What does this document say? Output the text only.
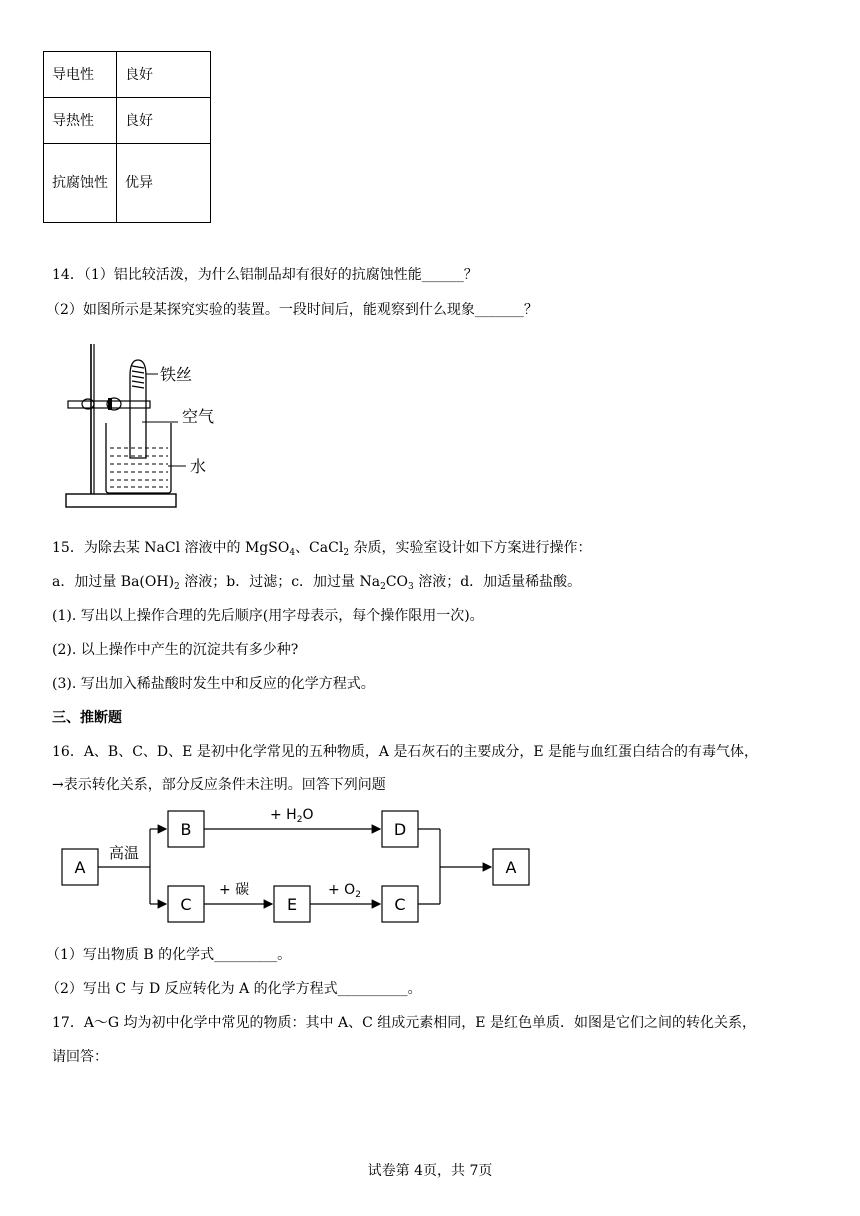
导电性	良好
导热性	良好
抗腐蚀性	优异
14．（1）铝比较活泼，为什么铝制品却有很好的抗腐蚀性能______？
（2）如图所示是某探究实验的装置。一段时间后，能观察到什么现象_______？
铁丝
空气
水
15．为除去某 NaCl 溶液中的 MgSO$_4$、CaCl$_2$ 杂质，实验室设计如下方案进行操作：
a．加过量 $Ba(OH)_2$ 溶液；b．过滤；c．加过量 $Na_2CO_3$ 溶液；d．加适量稀盐酸。
(1). 写出以上操作合理的先后顺序(用字母表示，每个操作限用一次)。
(2). 以上操作中产生的沉淀共有多少种?
(3). 写出加入稀盐酸时发生中和反应的化学方程式。
三、推断题
16．A、B、C、D、E 是初中化学常见的五种物质，A 是石灰石的主要成分，E 是能与血红蛋白结合的有毒气体，
→表示转化关系，部分反应条件未注明。回答下列问题
A
B	D
C	E	C
A
高温
+ $H_2O$
+ 碳	+ $O_2$
（1）写出物质 B 的化学式_________。
（2）写出 C 与 D 反应转化为 A 的化学方程式__________。
17．A～G 均为初中化学中常见的物质：其中 A、C 组成元素相同，E 是红色单质．如图是它们之间的转化关系，
请回答：
试卷第 4页，共 7页
